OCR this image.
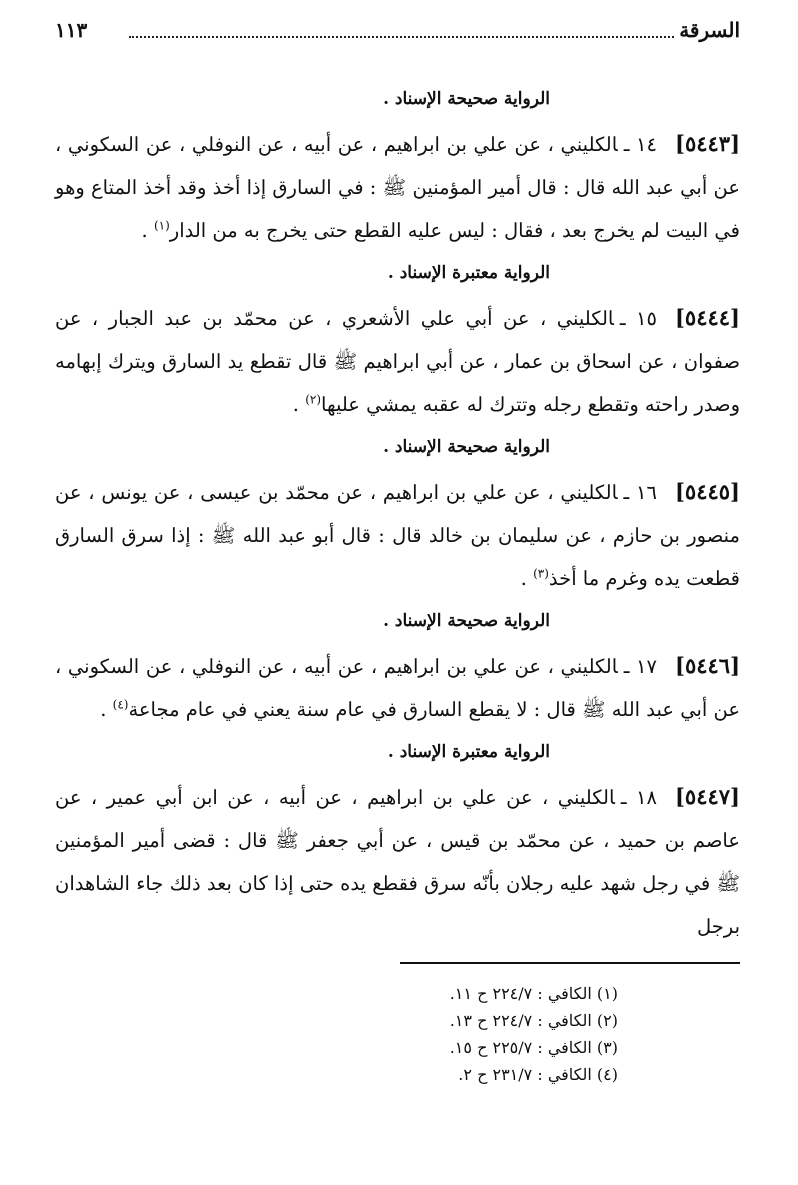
السرقة
١١٣
الرواية صحيحة الإسناد .

[٥٤٤٣]١٤ ـالكليني ، عن علي بن ابراهيم ، عن أبيه ، عن النوفلي ، عن السكوني ، عن أبي عبد الله قال : قال أمير المؤمنين ﷺ : في السارق إذا أخذ وقد أخذ المتاع وهو في البيت لم يخرج بعد ، فقال : ليس عليه القطع حتى يخرج به من الدار$^{(١)}$ .

الرواية معتبرة الإسناد .

[٥٤٤٤]١٥ ـالكليني ، عن أبي علي الأشعري ، عن محمّد بن عبد الجبار ، عن صفوان ، عن اسحاق بن عمار ، عن أبي ابراهيم ﷺ قال تقطع يد السارق ويترك إبهامه وصدر راحته وتقطع رجله وتترك له عقبه يمشي عليها$^{(٢)}$ .

الرواية صحيحة الإسناد .

[٥٤٤٥]١٦ ـالكليني ، عن علي بن ابراهيم ، عن محمّد بن عيسى ، عن يونس ، عن منصور بن حازم ، عن سليمان بن خالد قال : قال أبو عبد الله ﷺ : إذا سرق السارق قطعت يده وغرم ما أخذ$^{(٣)}$ .

الرواية صحيحة الإسناد .

[٥٤٤٦]١٧ ـالكليني ، عن علي بن ابراهيم ، عن أبيه ، عن النوفلي ، عن السكوني ، عن أبي عبد الله ﷺ قال : لا يقطع السارق في عام سنة يعني في عام مجاعة$^{(٤)}$ .

الرواية معتبرة الإسناد .

[٥٤٤٧]١٨ ـالكليني ، عن علي بن ابراهيم ، عن أبيه ، عن ابن أبي عمير ، عن عاصم بن حميد ، عن محمّد بن قيس ، عن أبي جعفر ﷺ قال : قضى أمير المؤمنين ﷺ في رجل شهد عليه رجلان بأنّه سرق فقطع يده حتى إذا كان بعد ذلك جاء الشاهدان برجل

(١) الكافي : ٢٢٤/٧ ح ١١.
(٢) الكافي : ٢٢٤/٧ ح ١٣.
(٣) الكافي : ٢٢٥/٧ ح ١٥.
(٤) الكافي : ٢٣١/٧ ح ٢.
